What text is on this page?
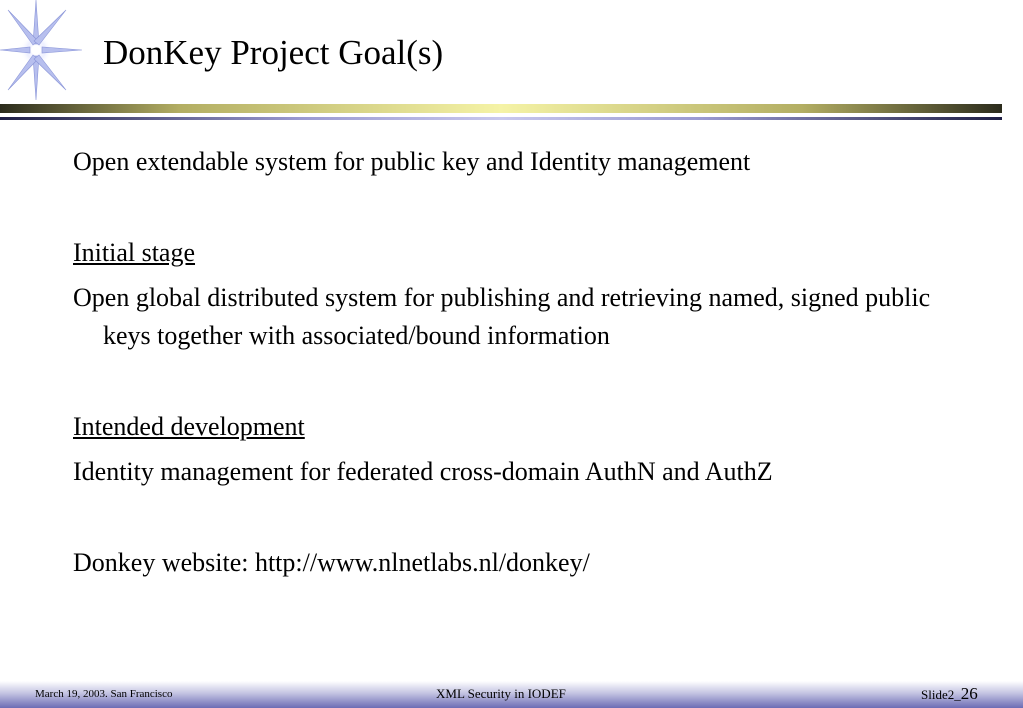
DonKey Project Goal(s)

Open extendable system for public key and Identity management

Initial stage

Open global distributed system for publishing and retrieving named, signed public keys together with associated/bound information

Intended development

Identity management for federated cross-domain AuthN and AuthZ

Donkey website: http://www.nlnetlabs.nl/donkey/

March 19, 2003. San Francisco	XML Security in IODEF	Slide2_26
